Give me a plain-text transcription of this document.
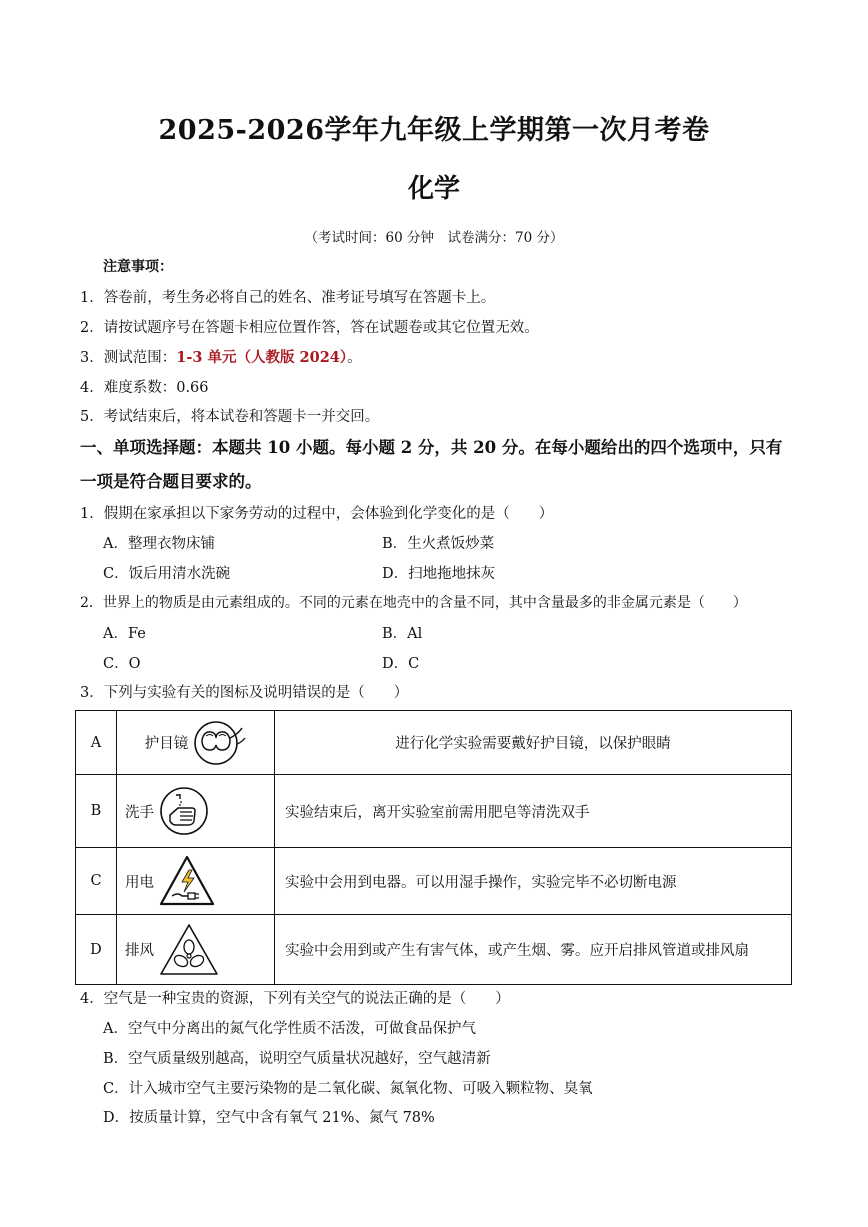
2025-2026学年九年级上学期第一次月考卷
化学
（考试时间：60 分钟　试卷满分：70 分）
注意事项：
1．答卷前，考生务必将自己的姓名、准考证号填写在答题卡上。
2．请按试题序号在答题卡相应位置作答，答在试题卷或其它位置无效。
3．测试范围：1-3 单元（人教版 2024）。
4．难度系数：0.66
5．考试结束后，将本试卷和答题卡一并交回。
一、单项选择题：本题共 10 小题。每小题 2 分，共 20 分。在每小题给出的四个选项中，只有
一项是符合题目要求的。
1．假期在家承担以下家务劳动的过程中，会体验到化学变化的是（　　）
A．整理衣物床铺	B．生火煮饭炒菜
C．饭后用清水洗碗	D．扫地拖地抹灰
2．世界上的物质是由元素组成的。不同的元素在地壳中的含量不同，其中含量最多的非金属元素是（　　）
A．Fe	B．Al
C．O	D．C
3．下列与实验有关的图标及说明错误的是（　　）
A	护目镜	进行化学实验需要戴好护目镜，以保护眼睛
B	洗手	实验结束后，离开实验室前需用肥皂等清洗双手
C	用电	实验中会用到电器。可以用湿手操作，实验完毕不必切断电源
D	排风	实验中会用到或产生有害气体，或产生烟、雾。应开启排风管道或排风扇
4．空气是一种宝贵的资源，下列有关空气的说法正确的是（　　）
A．空气中分离出的氮气化学性质不活泼，可做食品保护气
B．空气质量级别越高，说明空气质量状况越好，空气越清新
C．计入城市空气主要污染物的是二氧化碳、氮氧化物、可吸入颗粒物、臭氧
D．按质量计算，空气中含有氧气 21%、氮气 78%
